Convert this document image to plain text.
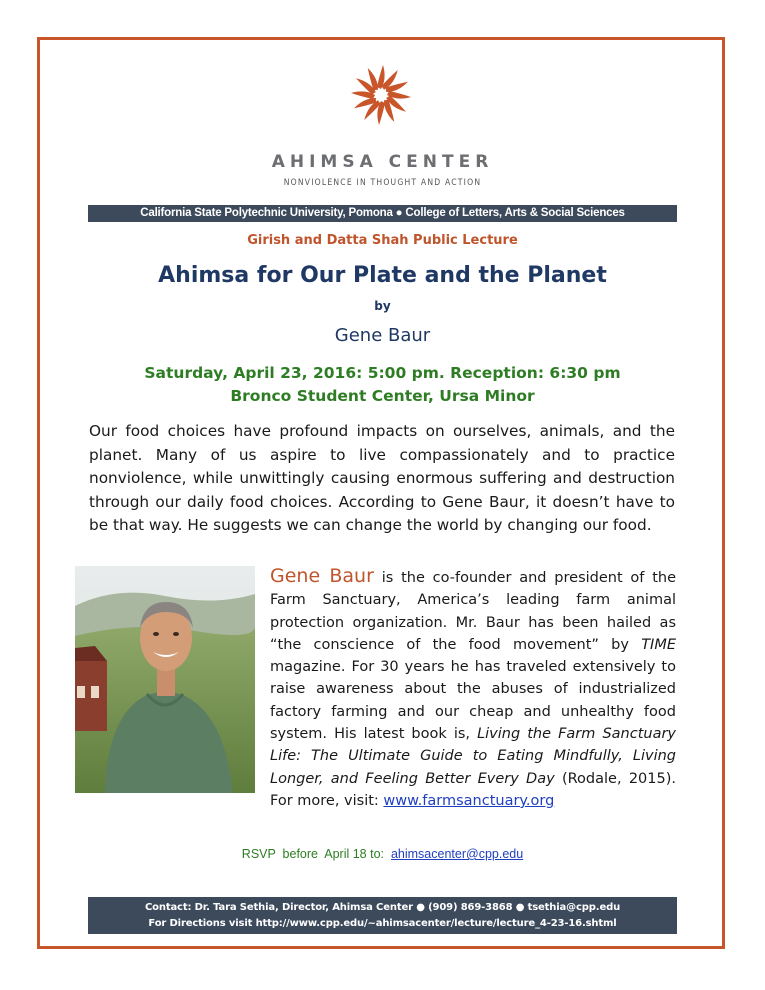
AHIMSA CENTER
NONVIOLENCE IN THOUGHT AND ACTION
California State Polytechnic University, Pomona ● College of Letters, Arts & Social Sciences
Girish and Datta Shah Public Lecture
Ahimsa for Our Plate and the Planet
by
Gene Baur
Saturday, April 23, 2016: 5:00 pm. Reception: 6:30 pm
Bronco Student Center, Ursa Minor
Our food choices have profound impacts on ourselves, animals, and the planet. Many of us aspire to live compassionately and to practice nonviolence, while unwittingly causing enormous suffering and destruction through our daily food choices. According to Gene Baur, it doesn’t have to be that way. He suggests we can change the world by changing our food.
Gene Baur is the co-founder and president of the Farm Sanctuary, America’s leading farm animal protection organization. Mr. Baur has been hailed as “the conscience of the food movement” by TIME magazine. For 30 years he has traveled extensively to raise awareness about the abuses of industrialized factory farming and our cheap and unhealthy food system. His latest book is, Living the Farm Sanctuary Life: The Ultimate Guide to Eating Mindfully, Living Longer, and Feeling Better Every Day (Rodale, 2015). For more, visit: www.farmsanctuary.org
RSVP  before  April 18 to:  ahimsacenter@cpp.edu
Contact: Dr. Tara Sethia, Director, Ahimsa Center ● (909) 869-3868 ● tsethia@cpp.edu
For Directions visit http://www.cpp.edu/~ahimsacenter/lecture/lecture_4-23-16.shtml
